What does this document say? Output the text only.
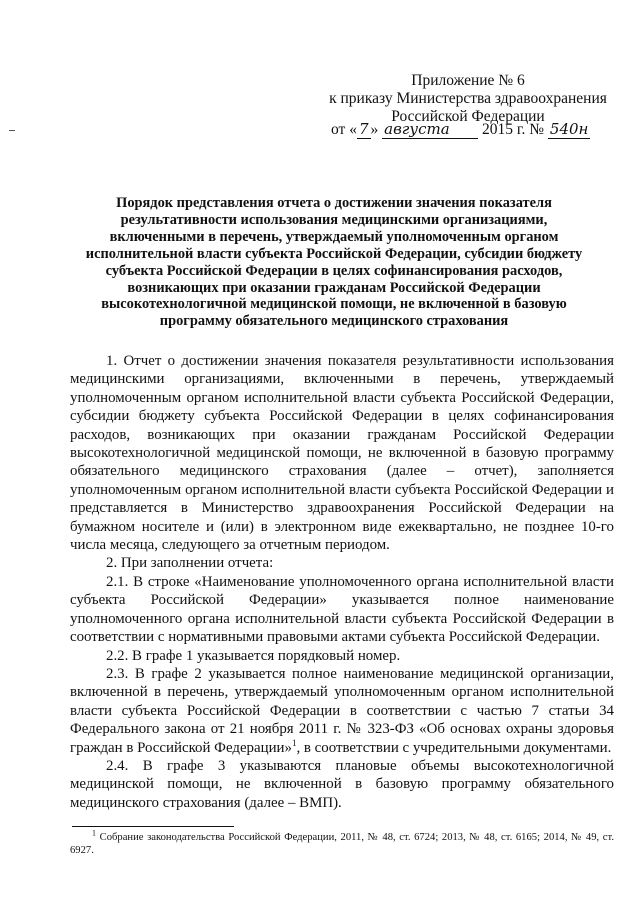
Приложение № 6
к приказу Министерства здравоохранения
Российской Федерации
от « 7 » августа 2015 г. № 540н
Порядок представления отчета о достижении значения показателя
результативности использования медицинскими организациями,
включенными в перечень, утверждаемый уполномоченным органом
исполнительной власти субъекта Российской Федерации, субсидии бюджету
субъекта Российской Федерации в целях софинансирования расходов,
возникающих при оказании гражданам Российской Федерации
высокотехнологичной медицинской помощи, не включенной в базовую
программу обязательного медицинского страхования

1. Отчет о достижении значения показателя результативности использования медицинскими организациями, включенными в перечень, утверждаемый уполномоченным органом исполнительной власти субъекта Российской Федерации, субсидии бюджету субъекта Российской Федерации в целях софинансирования расходов, возникающих при оказании гражданам Российской Федерации высокотехнологичной медицинской помощи, не включенной в базовую программу обязательного медицинского страхования (далее – отчет), заполняется уполномоченным органом исполнительной власти субъекта Российской Федерации и представляется в Министерство здравоохранения Российской Федерации на бумажном носителе и (или) в электронном виде ежеквартально, не позднее 10-го числа месяца, следующего за отчетным периодом.

2. При заполнении отчета:

2.1. В строке «Наименование уполномоченного органа исполнительной власти субъекта Российской Федерации» указывается полное наименование уполномоченного органа исполнительной власти субъекта Российской Федерации в соответствии с нормативными правовыми актами субъекта Российской Федерации.

2.2. В графе 1 указывается порядковый номер.

2.3. В графе 2 указывается полное наименование медицинской организации, включенной в перечень, утверждаемый уполномоченным органом исполнительной власти субъекта Российской Федерации в соответствии с частью 7 статьи 34 Федерального закона от 21 ноября 2011 г. № 323-ФЗ «Об основах охраны здоровья граждан в Российской Федерации»$^1$, в соответствии с учредительными документами.

2.4. В графе 3 указываются плановые объемы высокотехнологичной медицинской помощи, не включенной в базовую программу обязательного медицинского страхования (далее – ВМП).

$^1$ Собрание законодательства Российской Федерации, 2011, № 48, ст. 6724; 2013, № 48, ст. 6165; 2014, № 49, ст. 6927.
